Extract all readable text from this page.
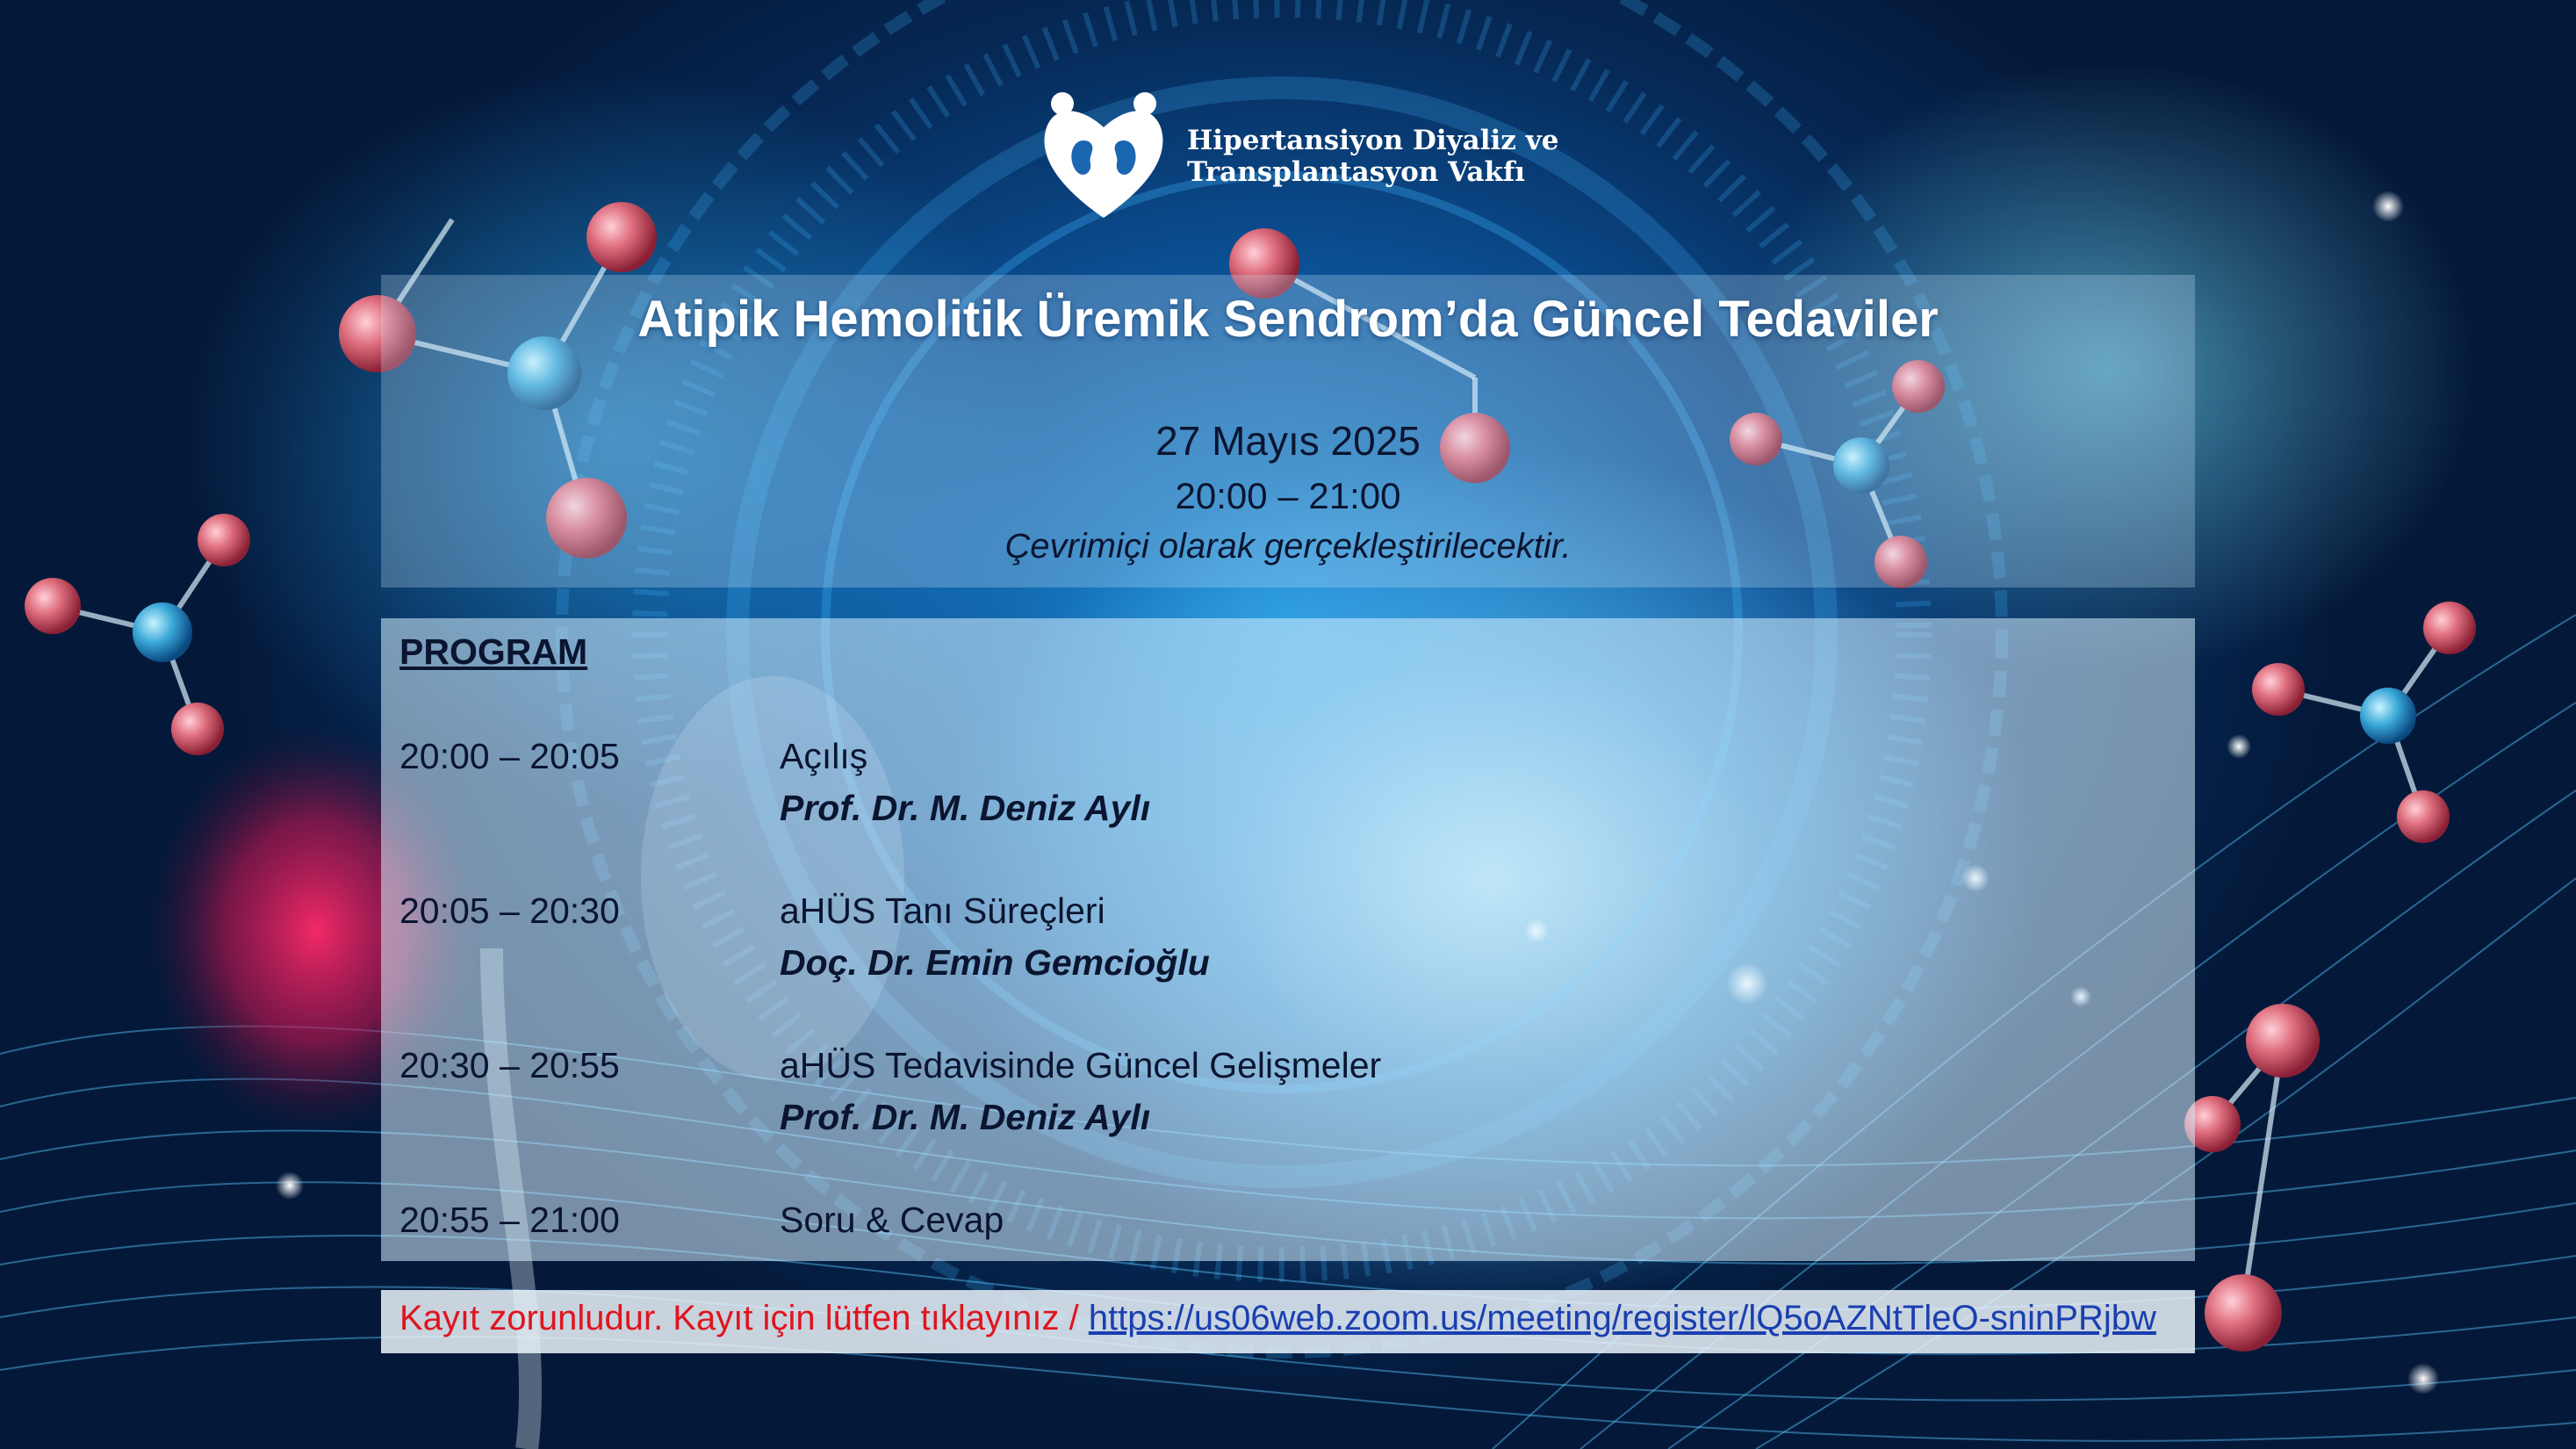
Hipertansiyon Diyaliz ve
Transplantasyon Vakfı
Atipik Hemolitik Üremik Sendrom’da Güncel Tedaviler
27 Mayıs 2025
20:00 – 21:00
Çevrimiçi olarak gerçekleştirilecektir.
PROGRAM
20:00 – 20:05	Açılış
Prof. Dr. M. Deniz Aylı
20:05 – 20:30	aHÜS Tanı Süreçleri
Doç. Dr. Emin Gemcioğlu
20:30 – 20:55	aHÜS Tedavisinde Güncel Gelişmeler
Prof. Dr. M. Deniz Aylı
20:55 – 21:00	Soru & Cevap
Kayıt zorunludur. Kayıt için lütfen tıklayınız / https://us06web.zoom.us/meeting/register/lQ5oAZNtTleO-sninPRjbw
